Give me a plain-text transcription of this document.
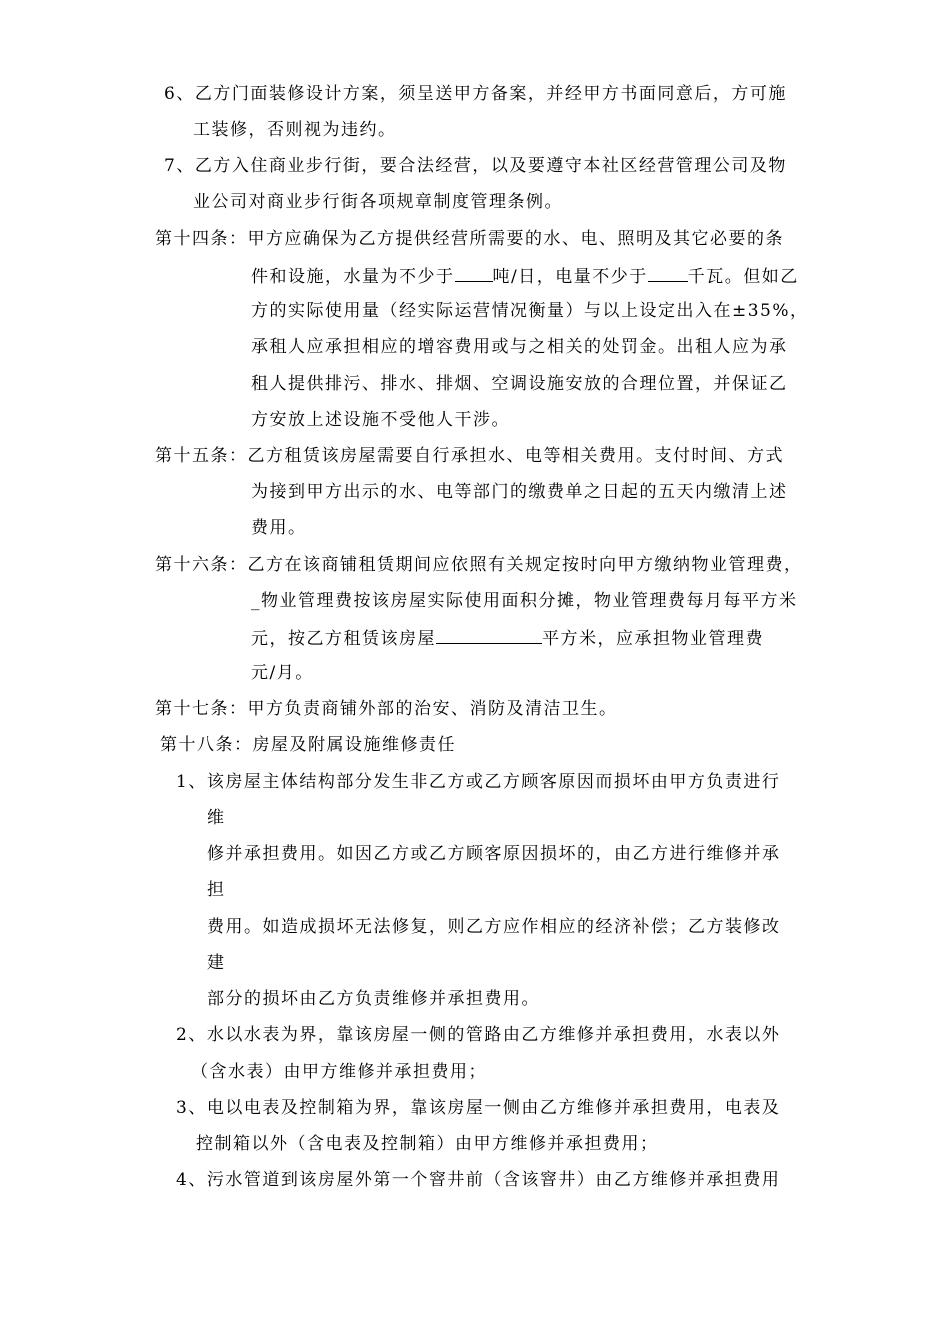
6、乙方门面装修设计方案，须呈送甲方备案，并经甲方书面同意后，方可施
工装修，否则视为违约。
7、乙方入住商业步行街，要合法经营，以及要遵守本社区经营管理公司及物
业公司对商业步行街各项规章制度管理条例。
第十四条：甲方应确保为乙方提供经营所需要的水、电、照明及其它必要的条
件和设施，水量为不少于 吨/日，电量不少于 千瓦。但如乙
方的实际使用量（经实际运营情况衡量）与以上设定出入在±35%，
承租人应承担相应的增容费用或与之相关的处罚金。出租人应为承
租人提供排污、排水、排烟、空调设施安放的合理位置，并保证乙
方安放上述设施不受他人干涉。
第十五条：乙方租赁该房屋需要自行承担水、电等相关费用。支付时间、方式
为接到甲方出示的水、电等部门的缴费单之日起的五天内缴清上述
费用。
第十六条：乙方在该商铺租赁期间应依照有关规定按时向甲方缴纳物业管理费，
_物业管理费按该房屋实际使用面积分摊，物业管理费每月每平方米
元，按乙方租赁该房屋	平方米，应承担物业管理费
元/月。
第十七条：甲方负责商铺外部的治安、消防及清洁卫生。
第十八条：房屋及附属设施维修责任
1、该房屋主体结构部分发生非乙方或乙方顾客原因而损坏由甲方负责进行
维
修并承担费用。如因乙方或乙方顾客原因损坏的，由乙方进行维修并承
担
费用。如造成损坏无法修复，则乙方应作相应的经济补偿；乙方装修改
建
部分的损坏由乙方负责维修并承担费用。
2、水以水表为界，靠该房屋一侧的管路由乙方维修并承担费用，水表以外
（含水表）由甲方维修并承担费用；
3、电以电表及控制箱为界，靠该房屋一侧由乙方维修并承担费用，电表及
控制箱以外（含电表及控制箱）由甲方维修并承担费用；
4、污水管道到该房屋外第一个窨井前（含该窨井）由乙方维修并承担费用
